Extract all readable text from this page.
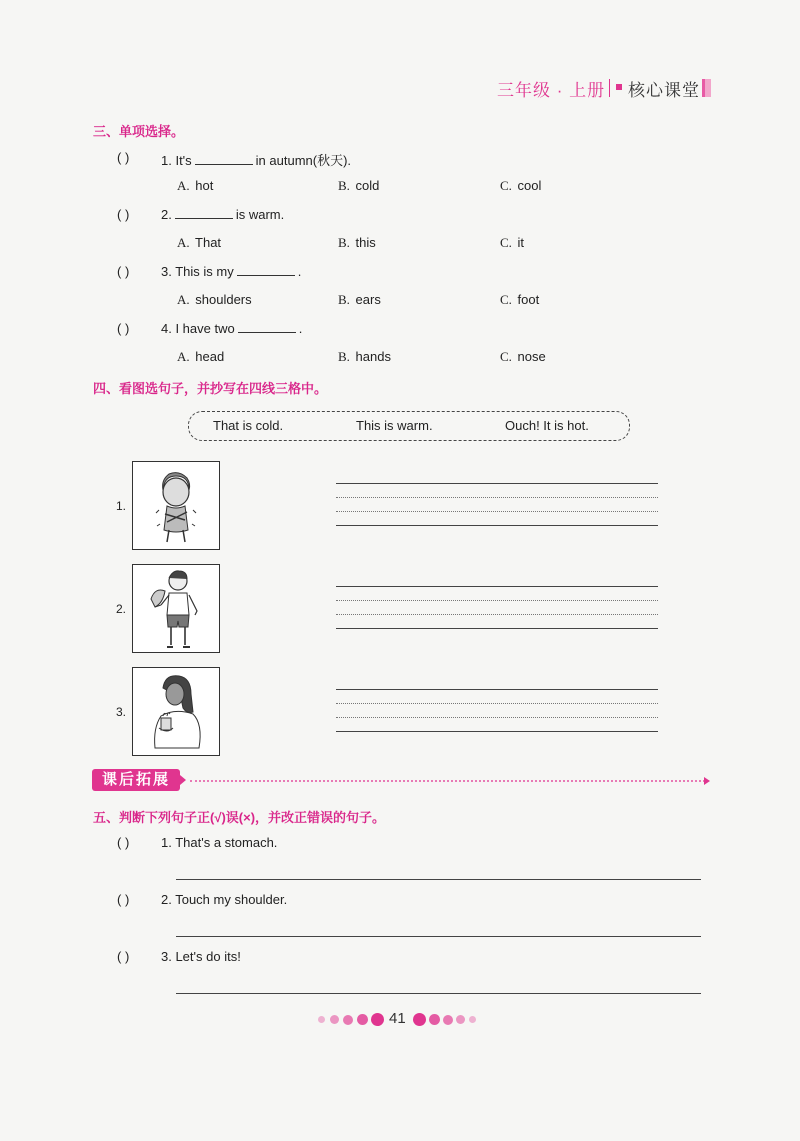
三年级 · 上册 核心课堂
三、单项选择。
( ) 1. It's	in autumn(秋天).
A. hot	B. cold	C. cool
( ) 2.	is warm.
A. That	B. this	C. it
( ) 3. This is my	.
A. shoulders	B. ears	C. foot
( ) 4. I have two	.
A. head	B. hands	C. nose
四、看图选句子，并抄写在四线三格中。
That is cold.	This is warm.	Ouch! It is hot.
1.
2.
3.
课后拓展
五、判断下列句子正(√)误(×)，并改正错误的句子。
( ) 1. That's a stomach.
( ) 2. Touch my shoulder.
( ) 3. Let's do its!
41
